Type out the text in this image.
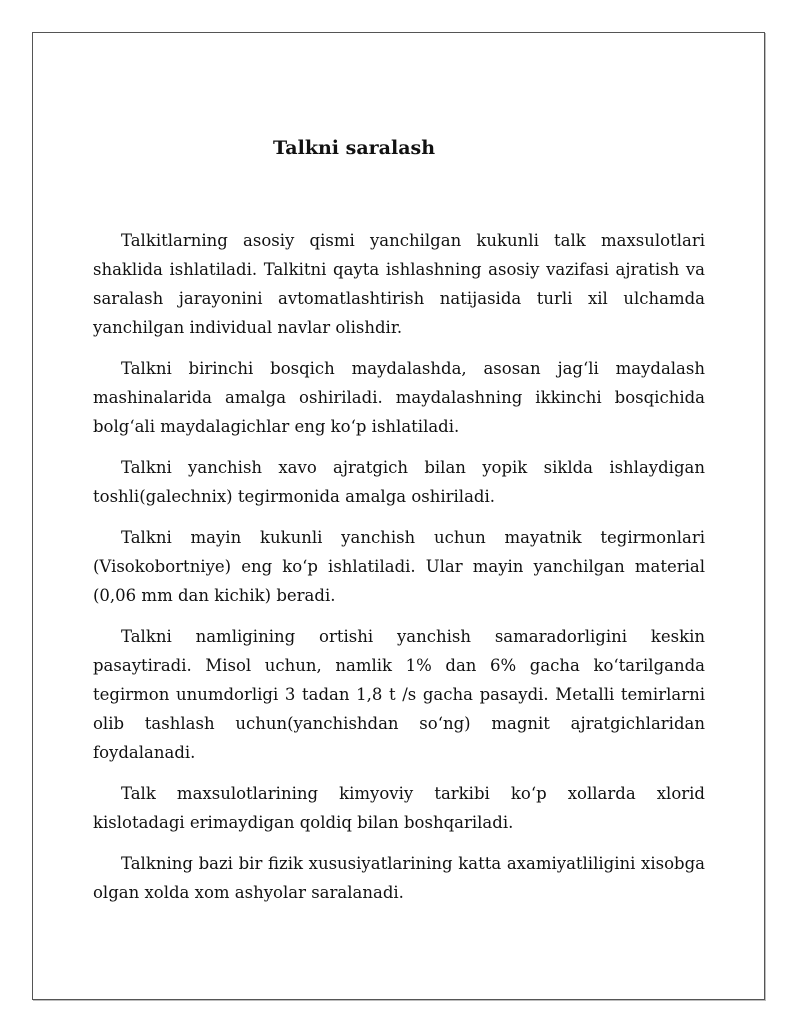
Talkni saralash

Talkitlarning asosiy qismi yanchilgan kukunli talk maxsulotlari shaklida ishlatiladi. Talkitni qayta ishlashning asosiy vazifasi ajratish va saralash jarayonini avtomatlashtirish natijasida turli xil ulchamda yanchilgan individual navlar olishdir.

Talkni birinchi bosqich maydalashda, asosan jag‘li maydalash mashinalarida amalga oshiriladi. maydalashning ikkinchi bosqichida bolg‘ali maydalagichlar eng ko‘p ishlatiladi.

Talkni yanchish xavo ajratgich bilan yopik siklda ishlaydigan toshli(galechnix) tegirmonida amalga oshiriladi.

Talkni mayin kukunli yanchish uchun mayatnik tegirmonlari (Visokobortniye) eng ko‘p ishlatiladi. Ular mayin yanchilgan material (0,06 mm dan kichik) beradi.

Talkni namligining ortishi yanchish samaradorligini keskin pasaytiradi. Misol uchun, namlik 1% dan 6% gacha ko‘tarilganda tegirmon unumdorligi 3 tadan 1,8 t /s gacha pasaydi. Metalli temirlarni olib tashlash uchun(yanchishdan so‘ng) magnit ajratgichlaridan foydalanadi.

Talk maxsulotlarining kimyoviy tarkibi ko‘p xollarda xlorid kislotadagi erimaydigan qoldiq bilan boshqariladi.

Talkning bazi bir fizik xususiyatlarining katta axamiyatliligini xisobga olgan xolda xom ashyolar saralanadi.
